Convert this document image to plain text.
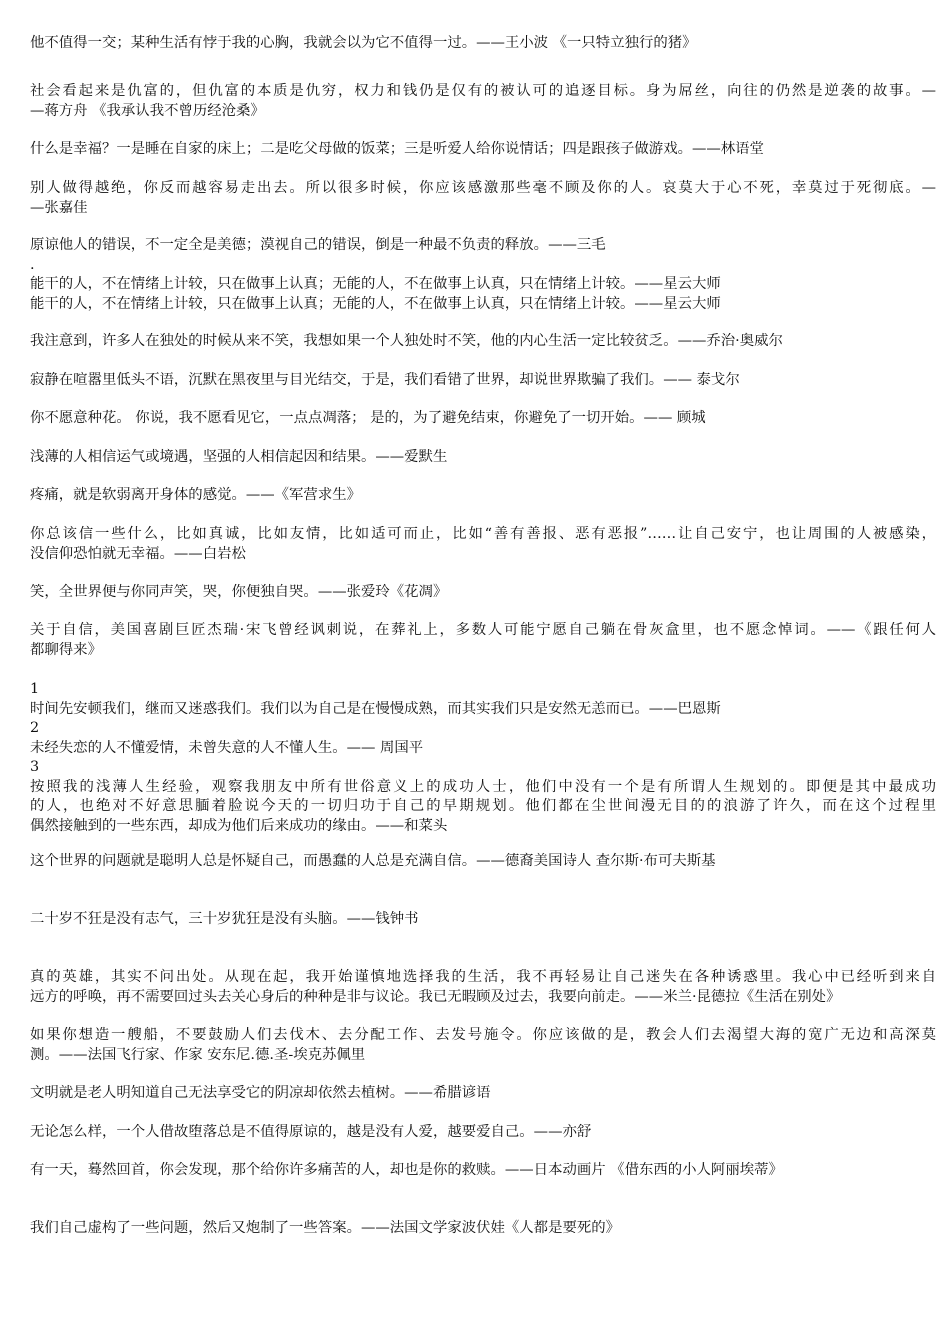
他不值得一交；某种生活有悖于我的心胸，我就会以为它不值得一过。——王小波 《一只特立独行的猪》

社会看起来是仇富的，但仇富的本质是仇穷，权力和钱仍是仅有的被认可的追逐目标。身为屌丝，向往的仍然是逆袭的故事。—

—蒋方舟 《我承认我不曾历经沧桑》

什么是幸福？一是睡在自家的床上；二是吃父母做的饭菜；三是听爱人给你说情话；四是跟孩子做游戏。——林语堂

别人做得越绝，你反而越容易走出去。所以很多时候，你应该感激那些毫不顾及你的人。哀莫大于心不死，幸莫过于死彻底。—

—张嘉佳

原谅他人的错误，不一定全是美德；漠视自己的错误，倒是一种最不负责的释放。——三毛

.

能干的人，不在情绪上计较，只在做事上认真；无能的人，不在做事上认真，只在情绪上计较。——星云大师

能干的人，不在情绪上计较，只在做事上认真；无能的人，不在做事上认真，只在情绪上计较。——星云大师

我注意到，许多人在独处的时候从来不笑，我想如果一个人独处时不笑，他的内心生活一定比较贫乏。——乔治·奥威尔

寂静在喧嚣里低头不语，沉默在黑夜里与目光结交，于是，我们看错了世界，却说世界欺骗了我们。—— 泰戈尔

你不愿意种花。 你说，我不愿看见它，一点点凋落； 是的，为了避免结束，你避免了一切开始。—— 顾城

浅薄的人相信运气或境遇，坚强的人相信起因和结果。——爱默生

疼痛，就是软弱离开身体的感觉。——《军营求生》

你总该信一些什么，比如真诚，比如友情，比如适可而止，比如“善有善报、恶有恶报”……让自己安宁，也让周围的人被感染，

没信仰恐怕就无幸福。——白岩松

笑，全世界便与你同声笑，哭，你便独自哭。——张爱玲《花凋》

关于自信，美国喜剧巨匠杰瑞·宋飞曾经讽刺说，在葬礼上，多数人可能宁愿自己躺在骨灰盒里，也不愿念悼词。——《跟任何人

都聊得来》

1

时间先安顿我们，继而又迷惑我们。我们以为自己是在慢慢成熟，而其实我们只是安然无恙而已。——巴恩斯

2

未经失恋的人不懂爱情，未曾失意的人不懂人生。—— 周国平

3

按照我的浅薄人生经验，观察我朋友中所有世俗意义上的成功人士，他们中没有一个是有所谓人生规划的。即便是其中最成功

的人，也绝对不好意思腼着脸说今天的一切归功于自己的早期规划。他们都在尘世间漫无目的的浪游了许久，而在这个过程里

偶然接触到的一些东西，却成为他们后来成功的缘由。——和菜头

这个世界的问题就是聪明人总是怀疑自己，而愚蠢的人总是充满自信。——德裔美国诗人 查尔斯·布可夫斯基

二十岁不狂是没有志气，三十岁犹狂是没有头脑。——钱钟书

真的英雄，其实不问出处。从现在起，我开始谨慎地选择我的生活，我不再轻易让自己迷失在各种诱惑里。我心中已经听到来自

远方的呼唤，再不需要回过头去关心身后的种种是非与议论。我已无暇顾及过去，我要向前走。——米兰·昆德拉《生活在别处》

如果你想造一艘船，不要鼓励人们去伐木、去分配工作、去发号施令。你应该做的是，教会人们去渴望大海的宽广无边和高深莫

测。——法国飞行家、作家 安东尼.德.圣-埃克苏佩里

文明就是老人明知道自己无法享受它的阴凉却依然去植树。——希腊谚语

无论怎么样，一个人借故堕落总是不值得原谅的，越是没有人爱，越要爱自己。——亦舒

有一天，蓦然回首，你会发现，那个给你许多痛苦的人，却也是你的救赎。——日本动画片 《借东西的小人阿丽埃蒂》

我们自己虚构了一些问题，然后又炮制了一些答案。——法国文学家波伏娃《人都是要死的》
